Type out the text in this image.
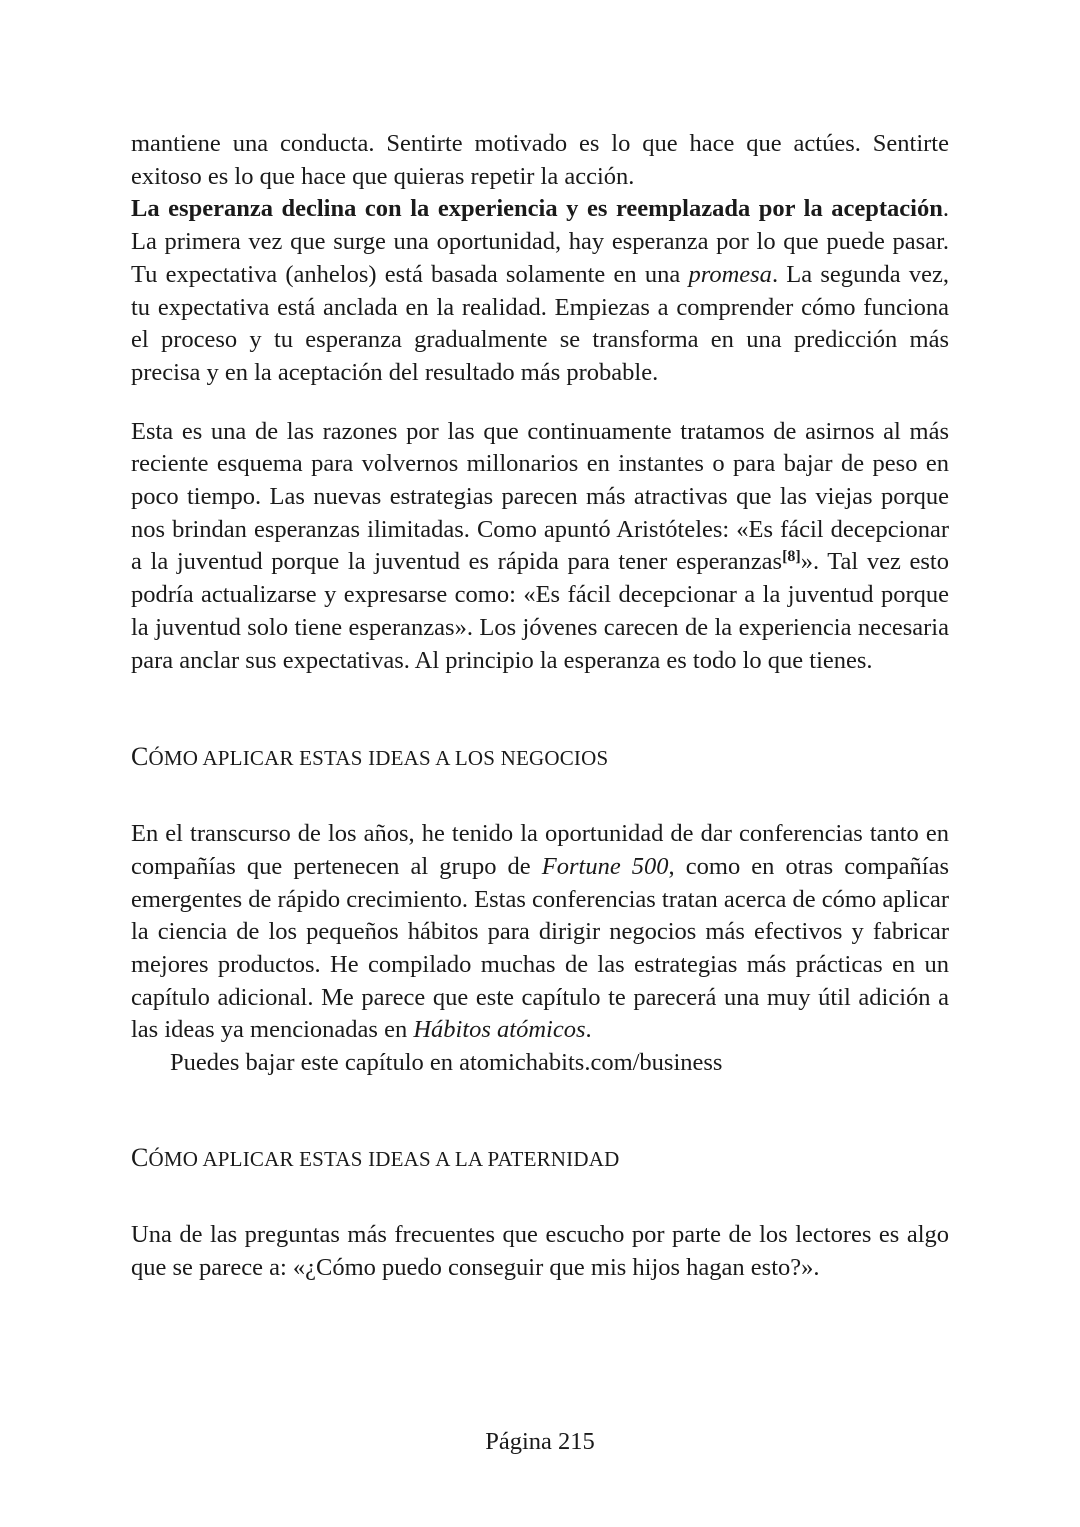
mantiene una conducta. Sentirte motivado es lo que hace que actúes. Sentirte exitoso es lo que hace que quieras repetir la acción.

La esperanza declina con la experiencia y es reemplazada por la aceptación. La primera vez que surge una oportunidad, hay esperanza por lo que puede pasar. Tu expectativa (anhelos) está basada solamente en una promesa. La segunda vez, tu expectativa está anclada en la realidad. Empiezas a comprender cómo funciona el proceso y tu esperanza gradualmente se transforma en una predicción más precisa y en la aceptación del resultado más probable.

Esta es una de las razones por las que continuamente tratamos de asirnos al más reciente esquema para volvernos millonarios en instantes o para bajar de peso en poco tiempo. Las nuevas estrategias parecen más atractivas que las viejas porque nos brindan esperanzas ilimitadas. Como apuntó Aristóteles: «Es fácil decepcionar a la juventud porque la juventud es rápida para tener esperanzas[8]». Tal vez esto podría actualizarse y expresarse como: «Es fácil decepcionar a la juventud porque la juventud solo tiene esperanzas». Los jóvenes carecen de la experiencia necesaria para anclar sus expectativas. Al principio la esperanza es todo lo que tienes.

CÓMO APLICAR ESTAS IDEAS A LOS NEGOCIOS

En el transcurso de los años, he tenido la oportunidad de dar conferencias tanto en compañías que pertenecen al grupo de Fortune 500, como en otras compañías emergentes de rápido crecimiento. Estas conferencias tratan acerca de cómo aplicar la ciencia de los pequeños hábitos para dirigir negocios más efectivos y fabricar mejores productos. He compilado muchas de las estrategias más prácticas en un capítulo adicional. Me parece que este capítulo te parecerá una muy útil adición a las ideas ya mencionadas en Hábitos atómicos.

Puedes bajar este capítulo en atomichabits.com/business

CÓMO APLICAR ESTAS IDEAS A LA PATERNIDAD

Una de las preguntas más frecuentes que escucho por parte de los lectores es algo que se parece a: «¿Cómo puedo conseguir que mis hijos hagan esto?».

Página 215
